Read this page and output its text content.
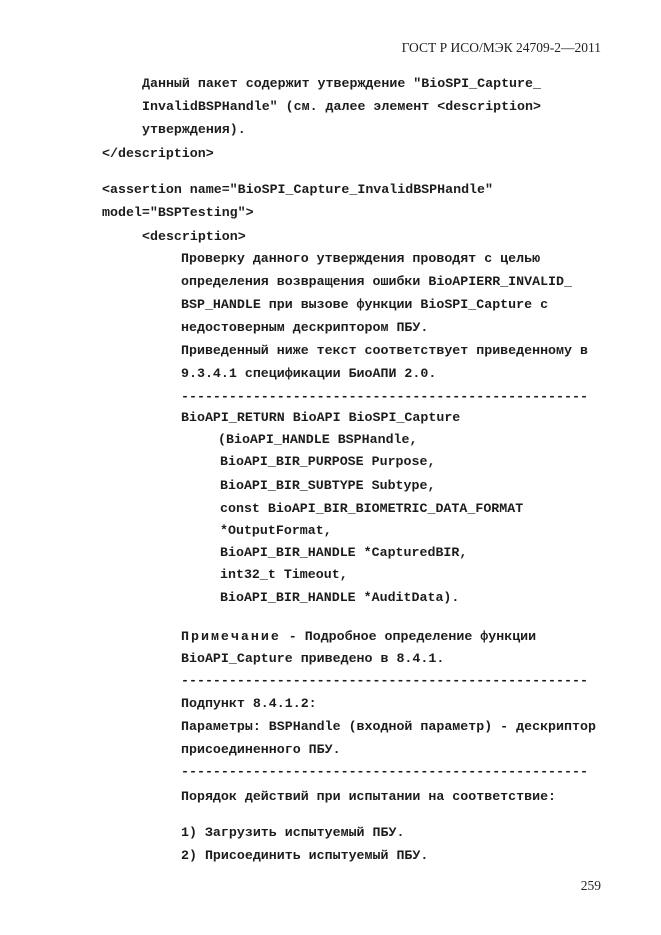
ГОСТ Р ИСО/МЭК 24709-2—2011
Данный пакет содержит утверждение "BioSPI_Capture_
InvalidBSPHandle" (см. далее элемент <description>
утверждения).
</description>
<assertion name="BioSPI_Capture_InvalidBSPHandle"
model="BSPTesting">
<description>
Проверку данного утверждения проводят с целью
определения возвращения ошибки BioAPIERR_INVALID_
BSP_HANDLE при вызове функции BioSPI_Capture с
недостоверным дескриптором ПБУ.
Приведенный ниже текст соответствует приведенному в
9.3.4.1 спецификации БиоАПИ 2.0.
---------------------------------------------------
BioAPI_RETURN BioAPI BioSPI_Capture
(BioAPI_HANDLE BSPHandle,
BioAPI_BIR_PURPOSE Purpose,
BioAPI_BIR_SUBTYPE Subtype,
const BioAPI_BIR_BIOMETRIC_DATA_FORMAT
*OutputFormat,
BioAPI_BIR_HANDLE *CapturedBIR,
int32_t Timeout,
BioAPI_BIR_HANDLE *AuditData).
Примечание - Подробное определение функции
BioAPI_Capture приведено в 8.4.1.
---------------------------------------------------
Подпункт 8.4.1.2:
Параметры: BSPHandle (входной параметр) - дескриптор
присоединенного ПБУ.
---------------------------------------------------
Порядок действий при испытании на соответствие:
1) Загрузить испытуемый ПБУ.
2) Присоединить испытуемый ПБУ.
259
